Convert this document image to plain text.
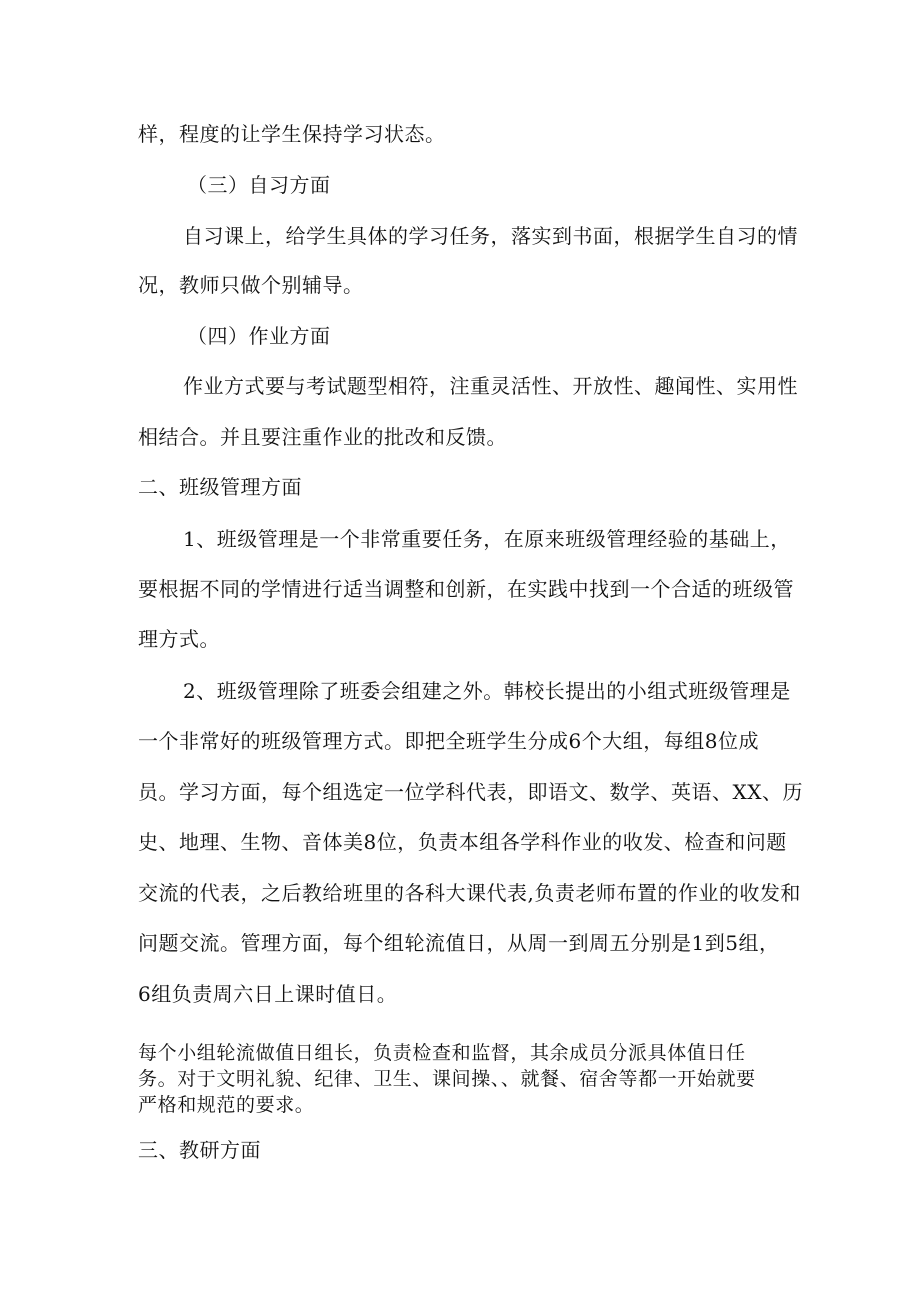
样，程度的让学生保持学习状态。
（三）自习方面
自习课上，给学生具体的学习任务，落实到书面，根据学生自习的情
况，教师只做个别辅导。
（四）作业方面
作业方式要与考试题型相符，注重灵活性、开放性、趣闻性、实用性
相结合。并且要注重作业的批改和反馈。
二、班级管理方面
1、班级管理是一个非常重要任务，在原来班级管理经验的基础上，
要根据不同的学情进行适当调整和创新，在实践中找到一个合适的班级管
理方式。
2、班级管理除了班委会组建之外。韩校长提出的小组式班级管理是
一个非常好的班级管理方式。即把全班学生分成6个大组，每组8位成
员。学习方面，每个组选定一位学科代表，即语文、数学、英语、XX、历
史、地理、生物、音体美8位，负责本组各学科作业的收发、检查和问题
交流的代表，之后教给班里的各科大课代表,负责老师布置的作业的收发和
问题交流。管理方面，每个组轮流值日，从周一到周五分别是1到5组，
6组负责周六日上课时值日。
每个小组轮流做值日组长，负责检查和监督，其余成员分派具体值日任
务。对于文明礼貌、纪律、卫生、课间操、、就餐、宿舍等都一开始就要
严格和规范的要求。
三、教研方面
